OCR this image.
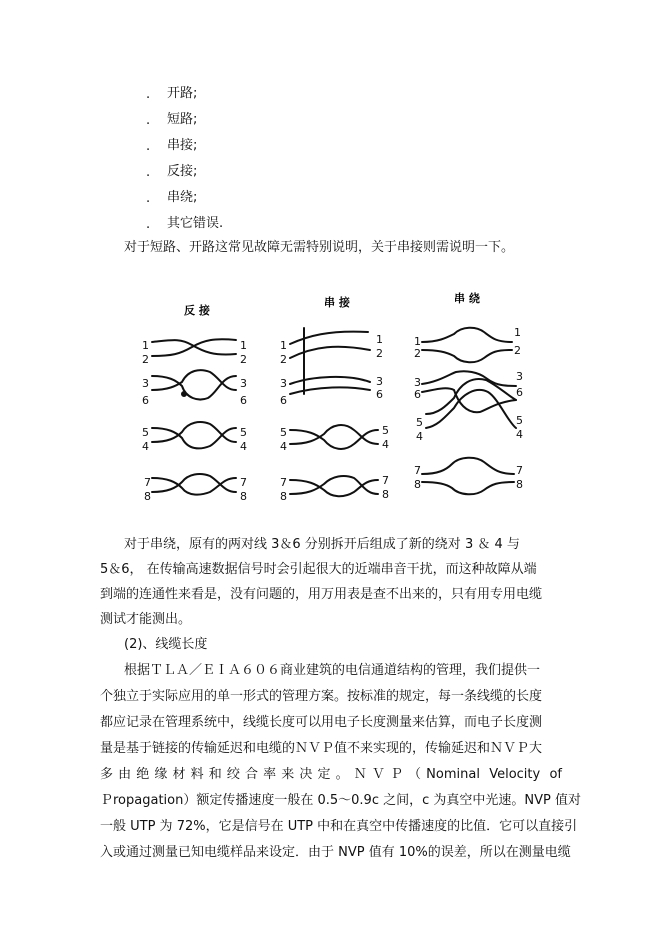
. 开路;
. 短路;
. 串接;
. 反接;
. 串绕;
. 其它错误.
对于短路、开路这常见故障无需特别说明，关于串接则需说明一下。
反 接
串 接	串 绕
1
2
3
6
5
4
7
8
1
2
3
6
5
4
7
8
1
2
3
6
5
4
7
8
1
2
3
6
5
4
7
8
1
2
3
6
5
4
7
8
1
2
3
6
5
4
7
8
对于串绕，原有的两对线 3＆6 分别拆开后组成了新的绕对 3 ＆ 4 与
5＆6， 在传输高速数据信号时会引起很大的近端串音干扰，而这种故障从端
到端的连通性来看是，没有问题的，用万用表是查不出来的，只有用专用电缆
测试才能测出。
(2)、线缆长度
根据ＴＬＡ／ＥＩＡ６０６商业建筑的电信通道结构的管理，我们提供一
个独立于实际应用的单一形式的管理方案。按标准的规定，每一条线缆的长度
都应记录在管理系统中，线缆长度可以用电子长度测量来估算，而电子长度测
量是基于链接的传输延迟和电缆的ＮＶＰ值不来实现的，传输延迟和ＮＶＰ大
多由绝缘材料和绞合率来决定。ＮＶＰ（Nominal Velocity of
Ｐropagation）额定传播速度一般在 0.5～0.9c 之间，c 为真空中光速。NVP 值对
一般 UTP 为 72%，它是信号在 UTP 中和在真空中传播速度的比值．它可以直接引
入或通过测量已知电缆样品来设定．由于 NVP 值有 10%的误差，所以在测量电缆
